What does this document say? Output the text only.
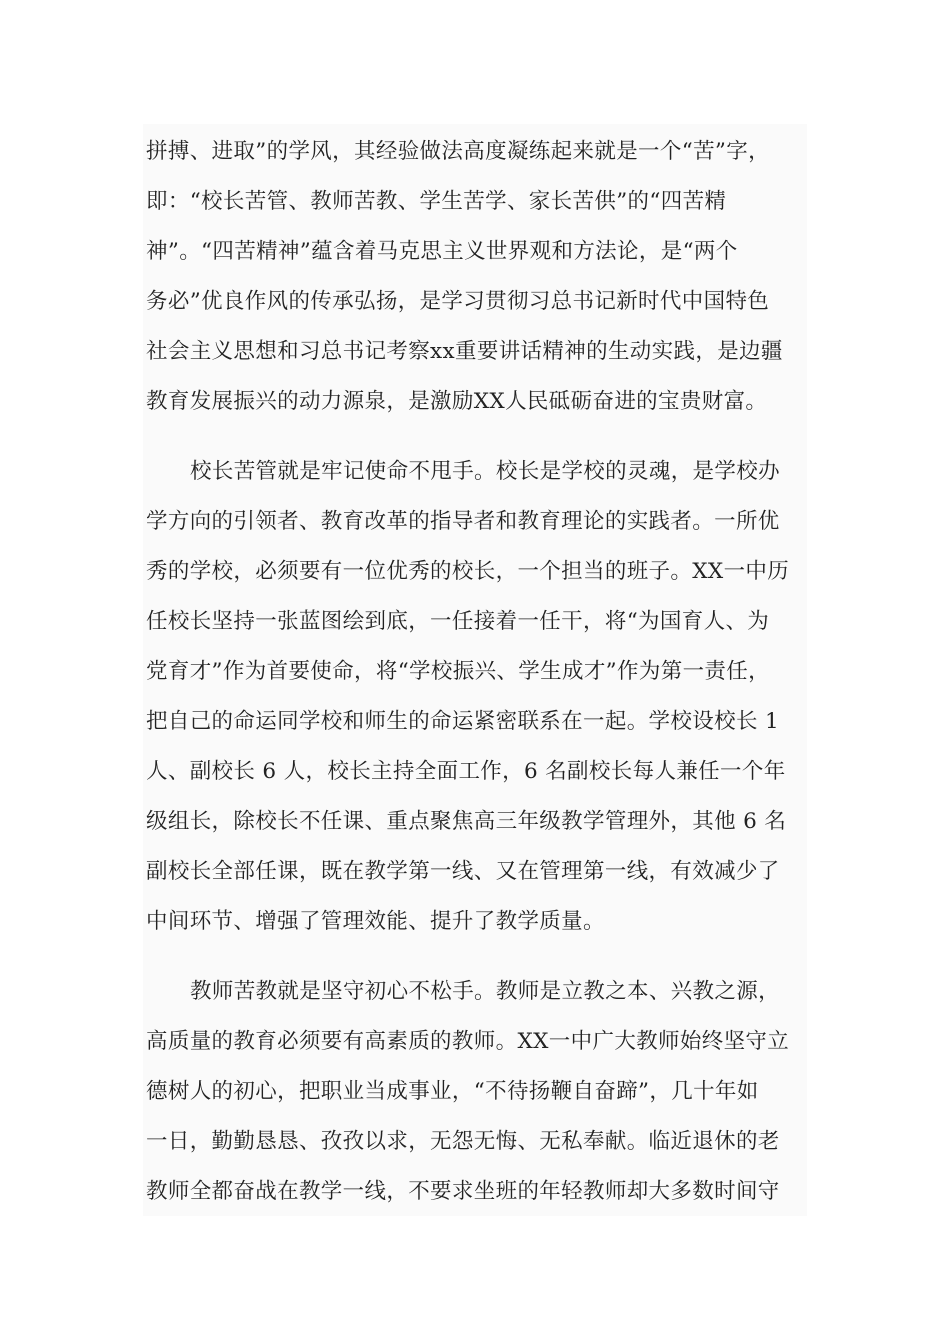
拼搏、进取”的学风，其经验做法高度凝练起来就是一个“苦”字，
即：“校长苦管、教师苦教、学生苦学、家长苦供”的“四苦精
神”。“四苦精神”蕴含着马克思主义世界观和方法论，是“两个
务必”优良作风的传承弘扬，是学习贯彻习总书记新时代中国特色
社会主义思想和习总书记考察xx重要讲话精神的生动实践，是边疆
教育发展振兴的动力源泉，是激励XX人民砥砺奋进的宝贵财富。
校长苦管就是牢记使命不甩手。校长是学校的灵魂，是学校办
学方向的引领者、教育改革的指导者和教育理论的实践者。一所优
秀的学校，必须要有一位优秀的校长，一个担当的班子。XX一中历
任校长坚持一张蓝图绘到底，一任接着一任干，将“为国育人、为
党育才”作为首要使命，将“学校振兴、学生成才”作为第一责任，
把自己的命运同学校和师生的命运紧密联系在一起。学校设校长 1
人、副校长 6 人，校长主持全面工作，6 名副校长每人兼任一个年
级组长，除校长不任课、重点聚焦高三年级教学管理外，其他 6 名
副校长全部任课，既在教学第一线、又在管理第一线，有效减少了
中间环节、增强了管理效能、提升了教学质量。
教师苦教就是坚守初心不松手。教师是立教之本、兴教之源，
高质量的教育必须要有高素质的教师。XX一中广大教师始终坚守立
德树人的初心，把职业当成事业，“不待扬鞭自奋蹄”，几十年如
一日，勤勤恳恳、孜孜以求，无怨无悔、无私奉献。临近退休的老
教师全都奋战在教学一线，不要求坐班的年轻教师却大多数时间守
